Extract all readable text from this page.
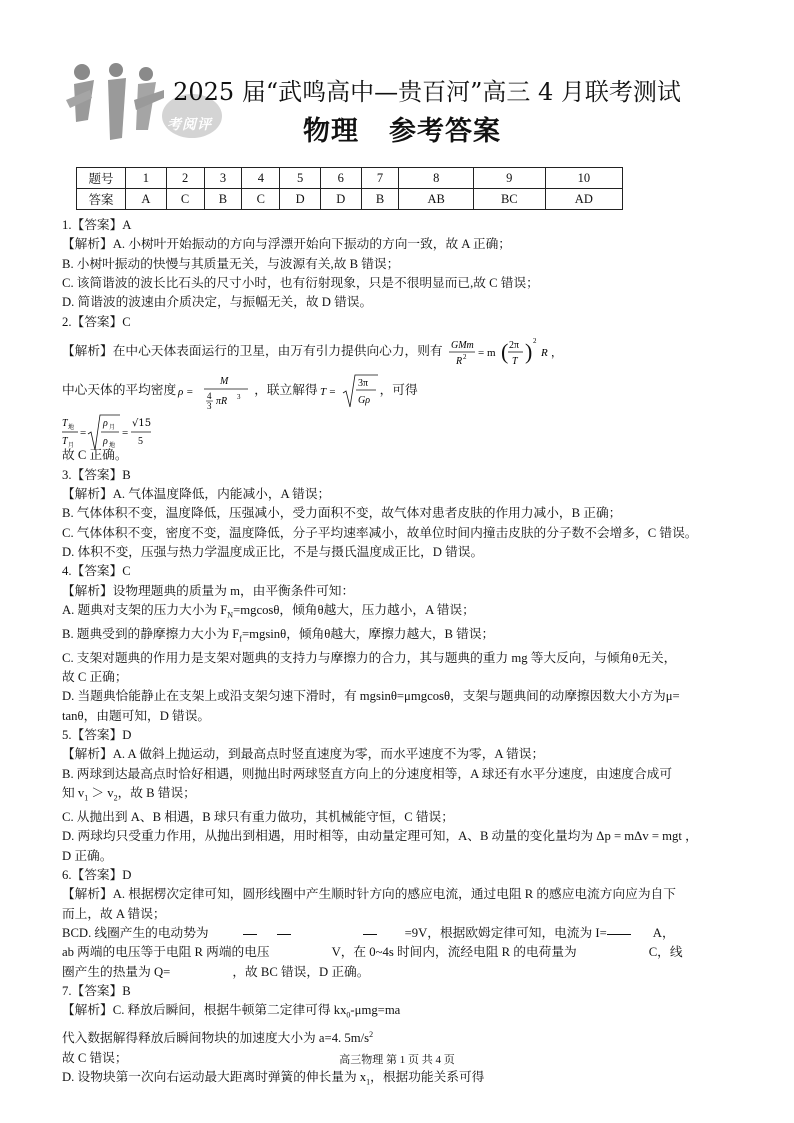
考阅评
2025 届“武鸣高中—贵百河”高三 4 月联考测试
物理 参考答案
题号	1	2	3	4	5	6	7	8	9	10
答案	A	C	B	C	D	D	B	AB	BC	AD

1.【答案】A

【解析】A. 小树叶开始振动的方向与浮漂开始向下振动的方向一致，故 A 正确；

B. 小树叶振动的快慢与其质量无关，与波源有关,故 B 错误；

C. 该简谐波的波长比石头的尺寸小时，也有衍射现象，只是不很明显而已,故 C 错误；

D. 简谐波的波速由介质决定，与振幅无关，故 D 错误。

2.【答案】C

【解析】在中心天体表面运行的卫星，由万有引力提供向心力，则有 GMm
R 2 = m ( 2π
T ) 2
R ，

中心天体的平均密度 ρ =
M
4
3 πR 3
，联立解得 T =
3π
Gρ
，可得

T 地
T 月
=
ρ 月
ρ 地
=
√15
5

故 C 正确。

3.【答案】B

【解析】A. 气体温度降低，内能减小，A 错误；

B. 气体体积不变，温度降低，压强减小，受力面积不变，故气体对患者皮肤的作用力减小，B 正确；

C. 气体体积不变，密度不变，温度降低，分子平均速率减小，故单位时间内撞击皮肤的分子数不会增多，C 错误。

D. 体积不变，压强与热力学温度成正比，不是与摄氏温度成正比，D 错误。

4.【答案】C

【解析】设物理题典的质量为 m，由平衡条件可知：

A. 题典对支架的压力大小为 $F_N=mgcos\theta$，倾角θ越大，压力越小，A 错误；

B. 题典受到的静摩擦力大小为 $F_f=mgsin\theta$，倾角θ越大，摩擦力越大，B 错误；

C. 支架对题典的作用力是支架对题典的支持力与摩擦力的合力，其与题典的重力 mg 等大反向，与倾角θ无关，

故 C 正确；

D. 当题典恰能静止在支架上或沿支架匀速下滑时，有 mgsinθ=μmgcosθ，支架与题典间的动摩擦因数大小方为μ=

tanθ，由题可知，D 错误。

5.【答案】D

【解析】A. A 做斜上抛运动，到最高点时竖直速度为零，而水平速度不为零，A 错误；

B. 两球到达最高点时恰好相遇，则抛出时两球竖直方向上的分速度相等，A 球还有水平分速度，由速度合成可

知 $v_1 > v_2$，故 B 错误；

C. 从抛出到 A、B 相遇，B 球只有重力做功，其机械能守恒，C 错误；

D. 两球均只受重力作用，从抛出到相遇，用时相等，由动量定理可知，A、B 动量的变化量均为 Δp = mΔv = mgt ，

D 正确。

6.【答案】D

【解析】A. 根据楞次定律可知，圆形线圈中产生顺时针方向的感应电流，通过电阻 R 的感应电流方向应为自下

而上，故 A 错误；

BCD. 线圈产生的电动势为	=9V，根据欧姆定律可知，电流为 I=	A，

ab 两端的电压等于电阻 R 两端的电压	V，在 0~4s 时间内，流经电阻 R 的电荷量为	C，线

圈产生的热量为 Q=	，故 BC 错误，D 正确。

7.【答案】B

【解析】C. 释放后瞬间，根据牛顿第二定律可得 $kx_0-\mu mg=ma$

代入数据解得释放后瞬间物块的加速度大小为 a=4. $5m/s^2$

故 C 错误；

D. 设物块第一次向右运动最大距离时弹簧的伸长量为 $x_1$，根据功能关系可得

高三物理 第 1 页 共 4 页
